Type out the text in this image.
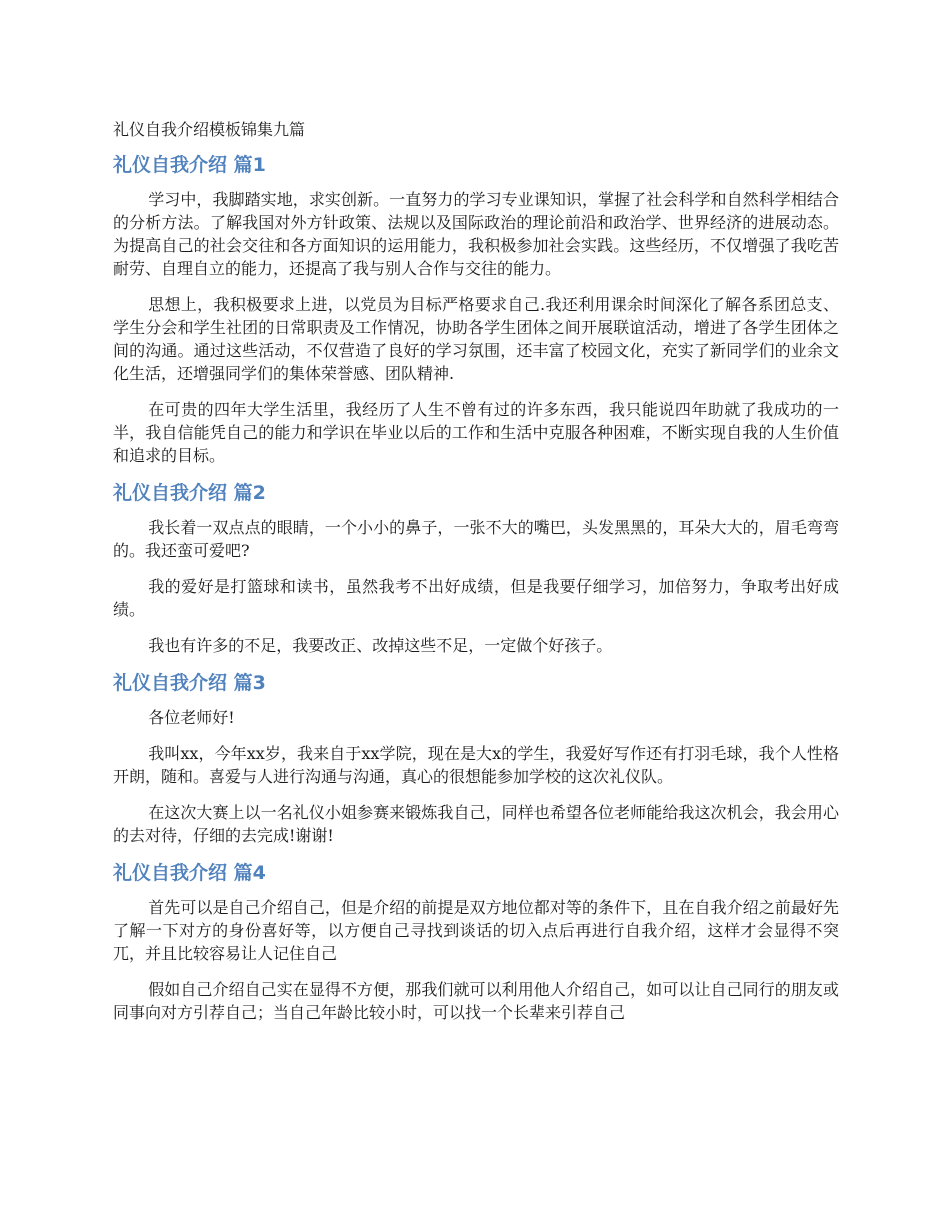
礼仪自我介绍模板锦集九篇
礼仪自我介绍 篇1

学习中，我脚踏实地，求实创新。一直努力的学习专业课知识，掌握了社会科学和自然科学相结合的分析方法。了解我国对外方针政策、法规以及国际政治的理论前沿和政治学、世界经济的进展动态。为提高自己的社会交往和各方面知识的运用能力，我积极参加社会实践。这些经历，不仅增强了我吃苦耐劳、自理自立的能力，还提高了我与别人合作与交往的能力。

思想上，我积极要求上进，以党员为目标严格要求自己.我还利用课余时间深化了解各系团总支、学生分会和学生社团的日常职责及工作情况，协助各学生团体之间开展联谊活动，增进了各学生团体之间的沟通。通过这些活动，不仅营造了良好的学习氛围，还丰富了校园文化，充实了新同学们的业余文化生活，还增强同学们的集体荣誉感、团队精神.

在可贵的四年大学生活里，我经历了人生不曾有过的许多东西，我只能说四年助就了我成功的一半，我自信能凭自己的能力和学识在毕业以后的工作和生活中克服各种困难，不断实现自我的人生价值和追求的目标。

礼仪自我介绍 篇2

我长着一双点点的眼睛，一个小小的鼻子，一张不大的嘴巴，头发黑黑的，耳朵大大的，眉毛弯弯的。我还蛮可爱吧?

我的爱好是打篮球和读书，虽然我考不出好成绩，但是我要仔细学习，加倍努力，争取考出好成绩。

我也有许多的不足，我要改正、改掉这些不足，一定做个好孩子。

礼仪自我介绍 篇3

各位老师好!

我叫xx，今年xx岁，我来自于xx学院，现在是大x的学生，我爱好写作还有打羽毛球，我个人性格开朗，随和。喜爱与人进行沟通与沟通，真心的很想能参加学校的这次礼仪队。

在这次大赛上以一名礼仪小姐参赛来锻炼我自己，同样也希望各位老师能给我这次机会，我会用心的去对待，仔细的去完成!谢谢!

礼仪自我介绍 篇4

首先可以是自己介绍自己，但是介绍的前提是双方地位都对等的条件下，且在自我介绍之前最好先了解一下对方的身份喜好等，以方便自己寻找到谈话的切入点后再进行自我介绍，这样才会显得不突兀，并且比较容易让人记住自己

假如自己介绍自己实在显得不方便，那我们就可以利用他人介绍自己，如可以让自己同行的朋友或同事向对方引荐自己；当自己年龄比较小时，可以找一个长辈来引荐自己
